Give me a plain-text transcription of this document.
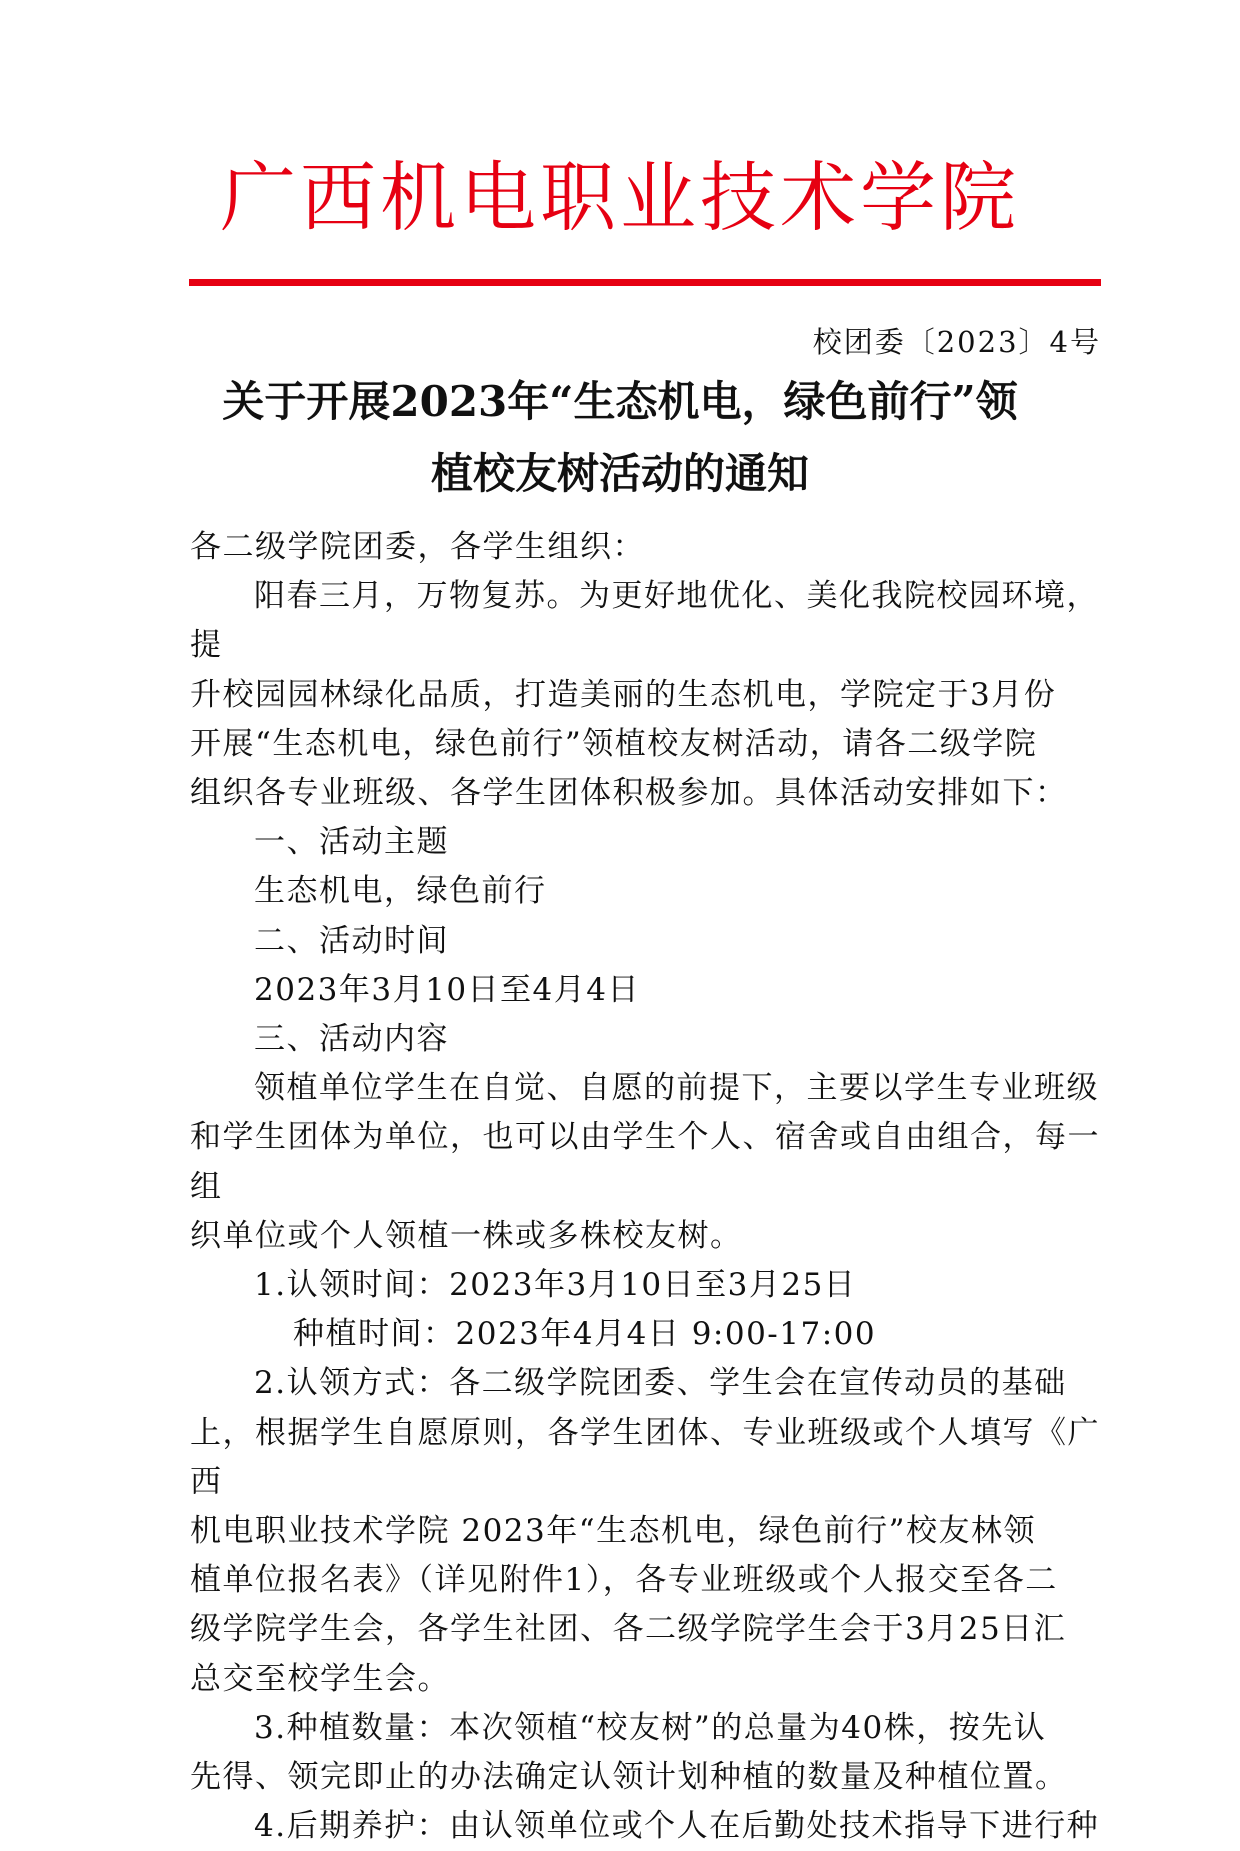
广西机电职业技术学院
校团委〔2023〕4号
关于开展2023年“生态机电，绿色前行”领
植校友树活动的通知

各二级学院团委，各学生组织：

阳春三月，万物复苏。为更好地优化、美化我院校园环境，提

升校园园林绿化品质，打造美丽的生态机电，学院定于3月份

开展“生态机电，绿色前行”领植校友树活动，请各二级学院

组织各专业班级、各学生团体积极参加。具体活动安排如下：

一、活动主题

生态机电，绿色前行

二、活动时间

2023年3月10日至4月4日

三、活动内容

领植单位学生在自觉、自愿的前提下，主要以学生专业班级

和学生团体为单位，也可以由学生个人、宿舍或自由组合，每一组

织单位或个人领植一株或多株校友树。

1.认领时间：2023年3月10日至3月25日

种植时间：2023年4月4日 9:00-17:00

2.认领方式：各二级学院团委、学生会在宣传动员的基础

上，根据学生自愿原则，各学生团体、专业班级或个人填写《广西

机电职业技术学院 2023年“生态机电，绿色前行”校友林领

植单位报名表》（详见附件1），各专业班级或个人报交至各二

级学院学生会，各学生社团、各二级学院学生会于3月25日汇

总交至校学生会。

3.种植数量：本次领植“校友树”的总量为40株，按先认

先得、领完即止的办法确定认领计划种植的数量及种植位置。

4.后期养护：由认领单位或个人在后勤处技术指导下进行种
